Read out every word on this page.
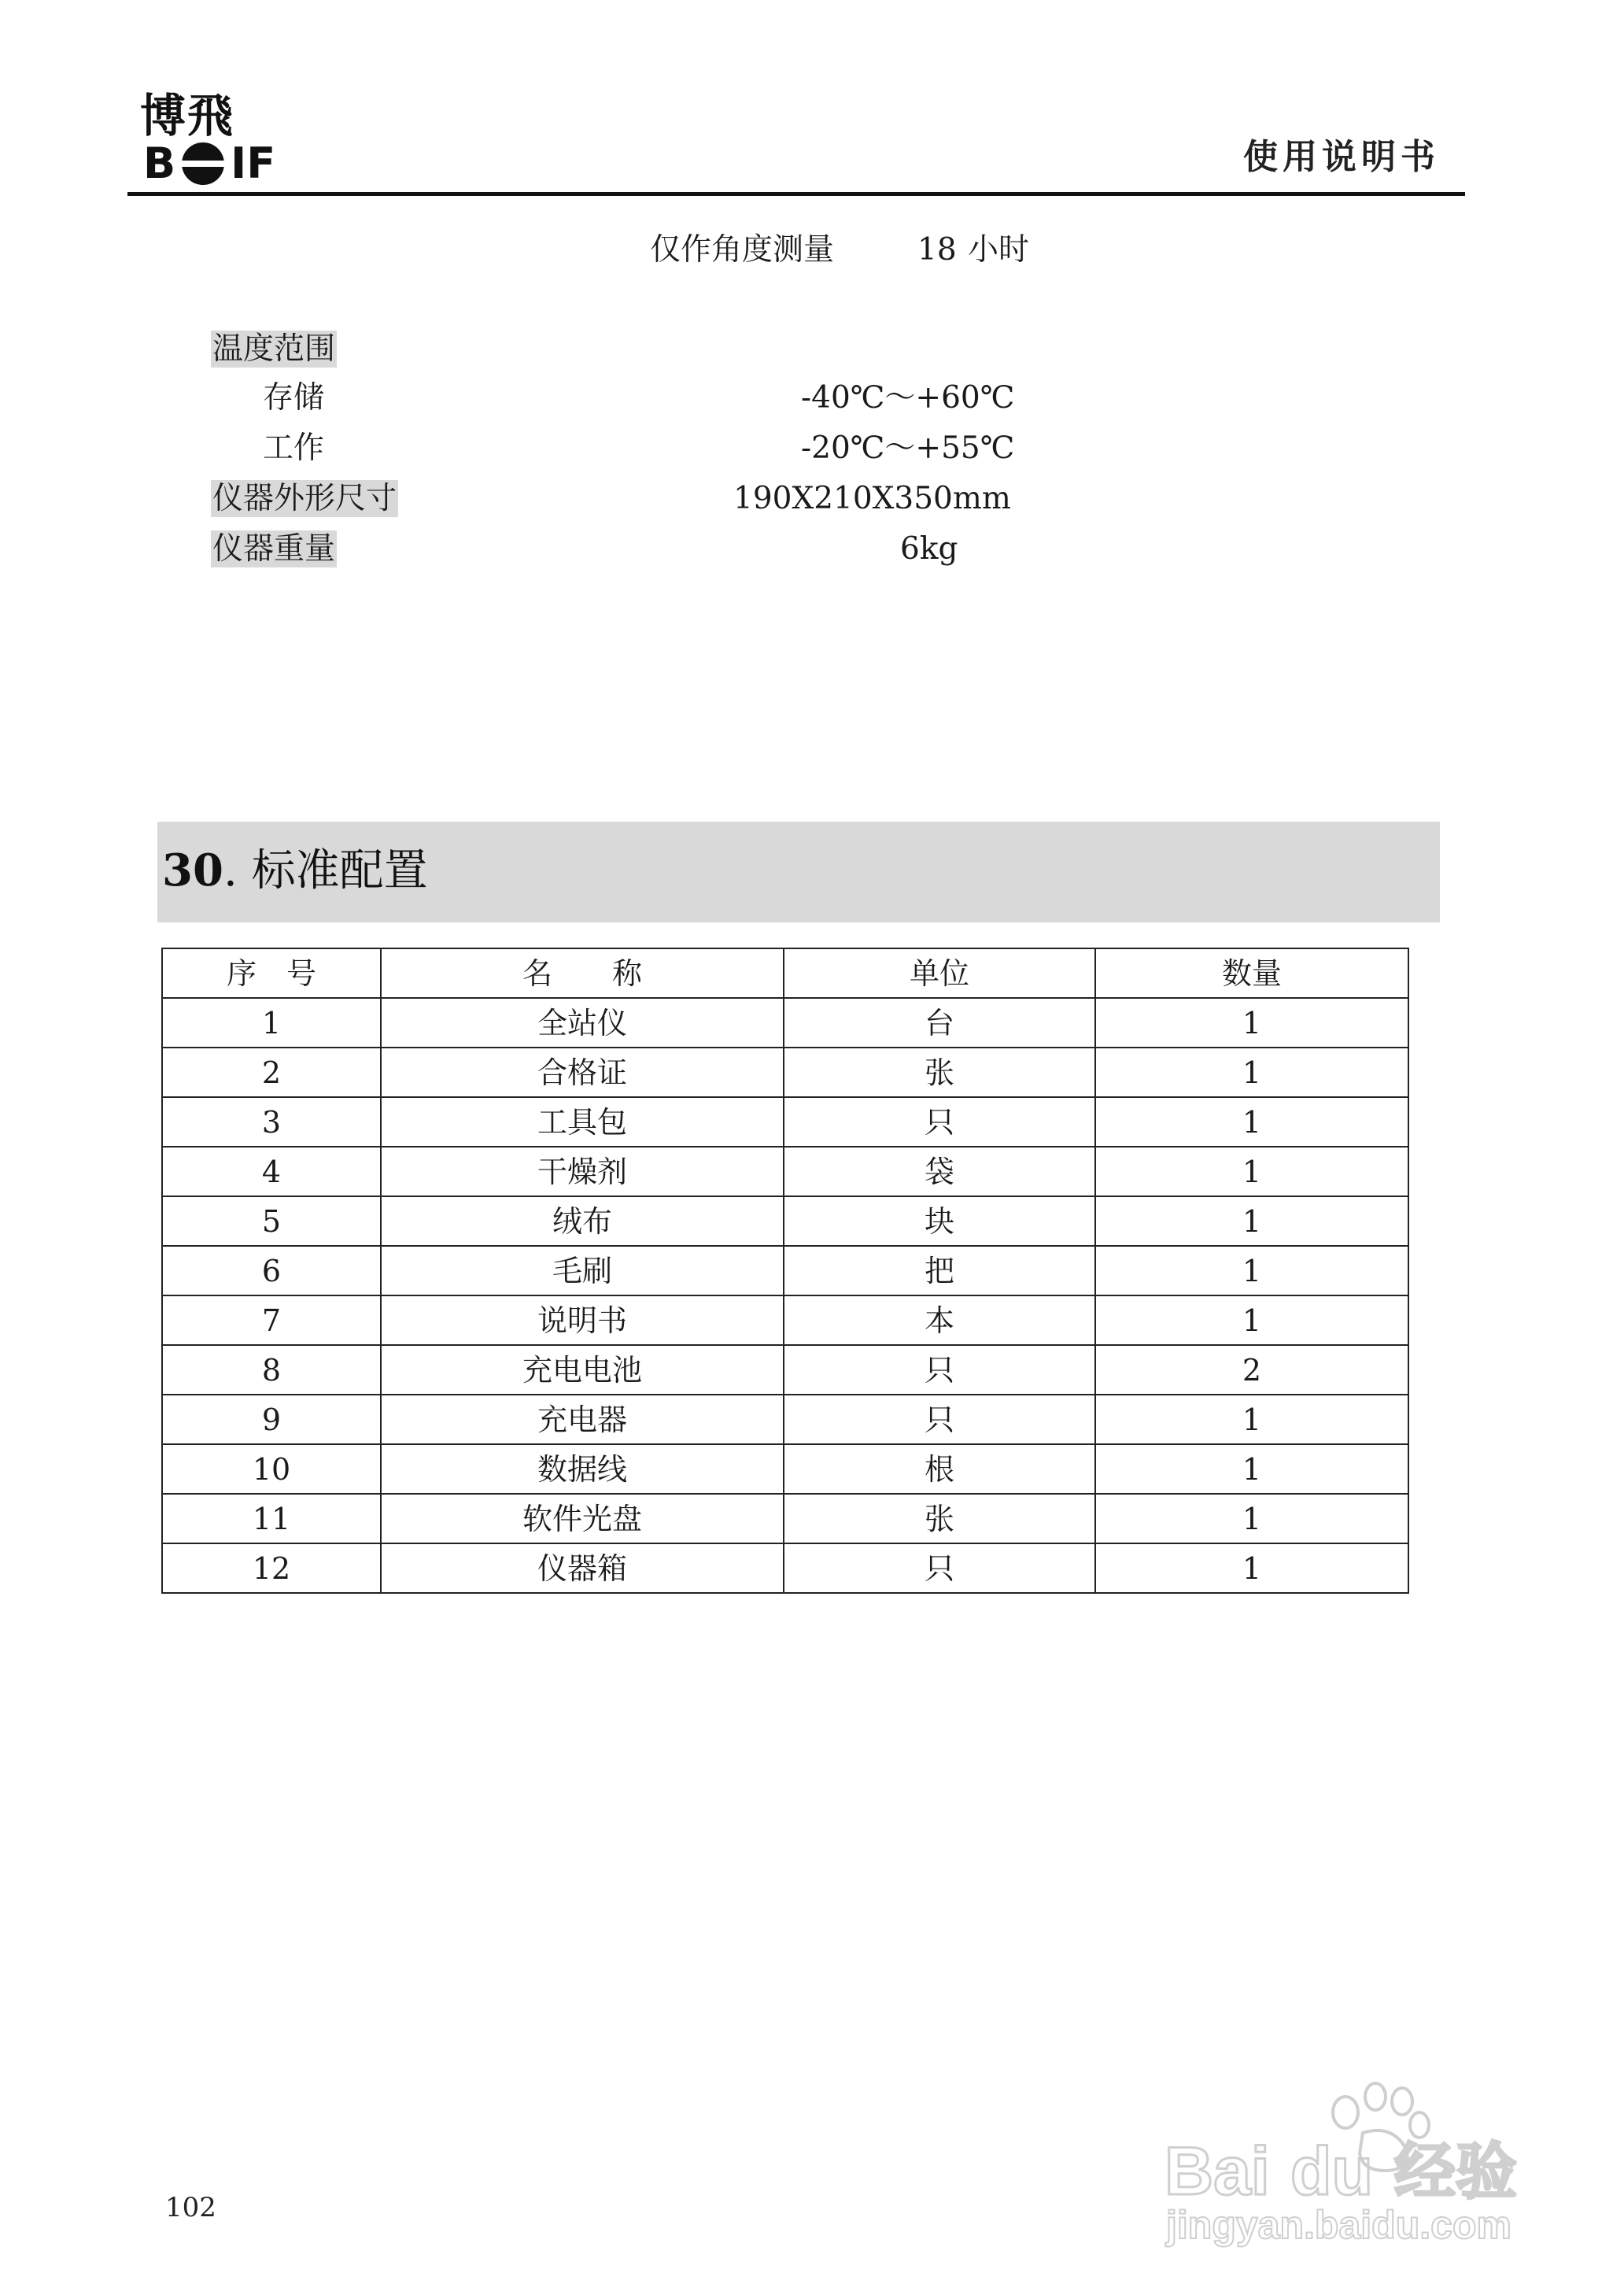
博飛
B IF	使用说明书
仅作角度测量	18 小时
温度范围
存储	-40℃～+60℃
工作	-20℃～+55℃
仪器外形尺寸	190X210X350mm
仪器重量	6kg
30. 标准配置
序　号	名　　称	单位	数量
1	全站仪	台	1
2	合格证	张	1
3	工具包	只	1
4	干燥剂	袋	1
5	绒布	块	1
6	毛刷	把	1
7	说明书	本	1
8	充电电池	只	2
9	充电器	只	1
10	数据线	根	1
11	软件光盘	张	1
12	仪器箱	只	1
102	Bai du 经验
jingyan.baidu.com
